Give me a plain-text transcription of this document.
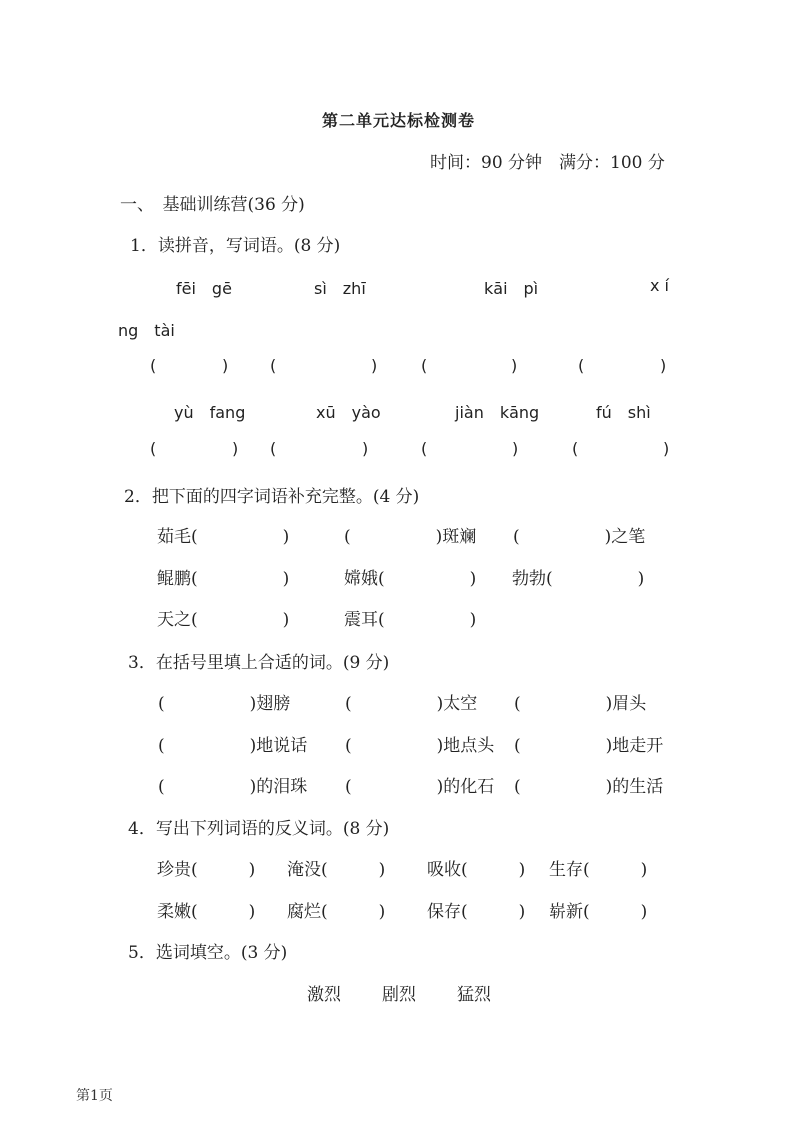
第二单元达标检测卷
时间：90 分钟　满分：100 分
一、　基础训练营(36 分)
1．读拼音，写词语。(8 分)
fēi　gē	sì　zhī	kāi　pì	x í
ng　tài
(	)	(	)	(	)	(	)
yù　fang	xū　yào	jiàn　kāng	fú　shì
(	) (	)	(	)	(	)
2．把下面的四字词语补充完整。(4 分)
茹毛(　　　　　)	(　　　　　)斑斓 (　　　　　)之笔
鲲鹏(　　　　　)	嫦娥(　　　　　) 勃勃(　　　　　)
天之(　　　　　)	震耳(　　　　　)
3．在括号里填上合适的词。(9 分)
(　　　　　)翅膀	(　　　　　)太空 (　　　　　)眉头
(　　　　　)地说话 (　　　　　)地点头 (　　　　　)地走开
(　　　　　)的泪珠 (　　　　　)的化石 (　　　　　)的生活
4．写出下列词语的反义词。(8 分)
珍贵(　　　) 淹没(　　　) 吸收(　　　) 生存(　　　)
柔嫩(　　　) 腐烂(　　　) 保存(　　　) 崭新(　　　)
5．选词填空。(3 分)
激烈 剧烈 猛烈
第1页
